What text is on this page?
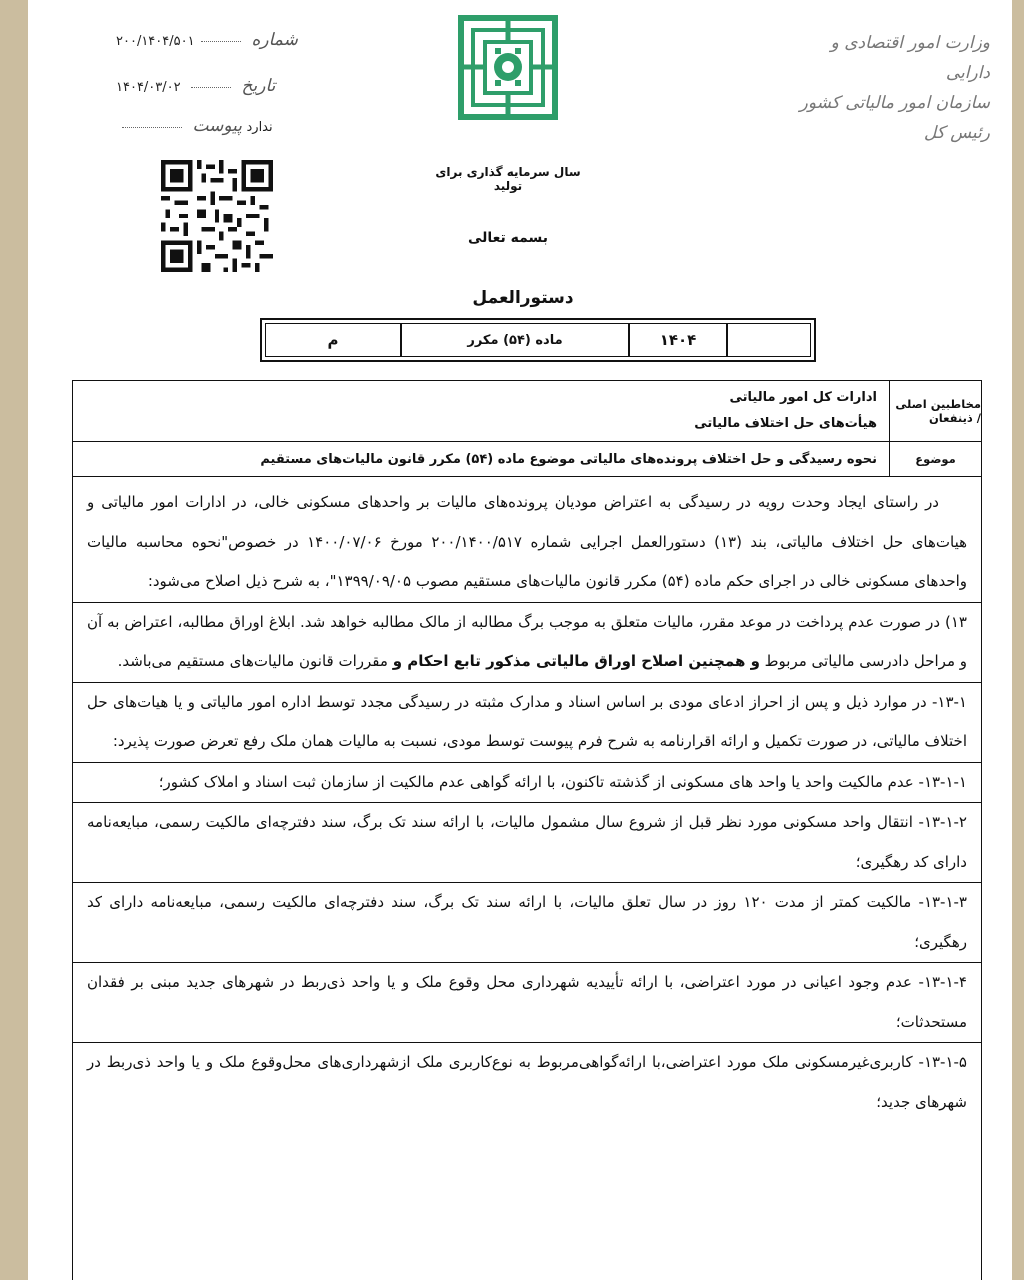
۲۰۰/۱۴۰۴/۵۰۱	شماره
۱۴۰۴/۰۳/۰۲	تاریخ
ندارد پیوست
وزارت امور اقتصادی و دارایی
سازمان امور مالیاتی کشور
رئیس کل
سال سرمایه گذاری برای تولید
بسمه تعالی
دستورالعمل
۱۴۰۴
ماده (۵۴) مکرر
م
مخاطبین اصلی / ذینفعان
ادارات کل امور مالیاتی
هیأت‌های حل اختلاف مالیاتی
موضوع
نحوه رسیدگی و حل اختلاف پرونده‌های مالیاتی موضوع ماده (۵۴) مکرر قانون مالیات‌های مستقیم

در راستای ایجاد وحدت رویه در رسیدگی به اعتراض مودیان پرونده‌های مالیات بر واحدهای مسکونی خالی، در ادارات امور مالیاتی و هیات‌های حل اختلاف مالیاتی، بند (۱۳) دستورالعمل اجرایی شماره ۲۰۰/۱۴۰۰/۵۱۷ مورخ ۱۴۰۰/۰۷/۰۶ در خصوص"نحوه محاسبه مالیات واحدهای مسکونی خالی در اجرای حکم ماده (۵۴) مکرر قانون مالیات‌های مستقیم مصوب ۱۳۹۹/۰۹/۰۵"، به شرح ذیل اصلاح می‌شود:

۱۳) در صورت عدم پرداخت در موعد مقرر، مالیات متعلق به موجب برگ مطالبه از مالک مطالبه خواهد شد. ابلاغ اوراق مطالبه، اعتراض به آن و مراحل دادرسی مالیاتی مربوط و همچنین اصلاح اوراق مالیاتی مذکور تابع احکام و مقررات قانون مالیات‌های مستقیم می‌باشد.

۱۳-۱- در موارد ذیل و پس از احراز ادعای مودی بر اساس اسناد و مدارک مثبته در رسیدگی مجدد توسط اداره امور مالیاتی و یا هیات‌های حل اختلاف مالیاتی، در صورت تکمیل و ارائه اقرارنامه به شرح فرم پیوست توسط مودی، نسبت به مالیات همان ملک رفع تعرض صورت پذیرد:

۱۳-۱-۱- عدم مالکیت واحد یا واحد های مسکونی از گذشته تاکنون، با ارائه گواهی عدم مالکیت از سازمان ثبت اسناد و املاک کشور؛

۱۳-۱-۲- انتقال واحد مسکونی مورد نظر قبل از شروع سال مشمول مالیات، با ارائه سند تک برگ، سند دفترچه‌ای مالکیت رسمی، مبایعه‌نامه دارای کد رهگیری؛

۱۳-۱-۳- مالکیت کمتر از مدت ۱۲۰ روز در سال تعلق مالیات، با ارائه سند تک برگ، سند دفترچه‌ای مالکیت رسمی، مبایعه‌نامه دارای کد رهگیری؛

۱۳-۱-۴- عدم وجود اعیانی در مورد اعتراضی، با ارائه تأییدیه شهرداری محل وقوع ملک و یا واحد ذی‌ربط در شهرهای جدید مبنی بر فقدان مستحدثات؛

۱۳-۱-۵- کاربری‌غیرمسکونی ملک مورد اعتراضی،با ارائه‌گواهی‌مربوط به نوع‌کاربری ملک ازشهرداری‌های محل‌وقوع ملک و یا واحد ذی‌ربط در شهرهای جدید؛
